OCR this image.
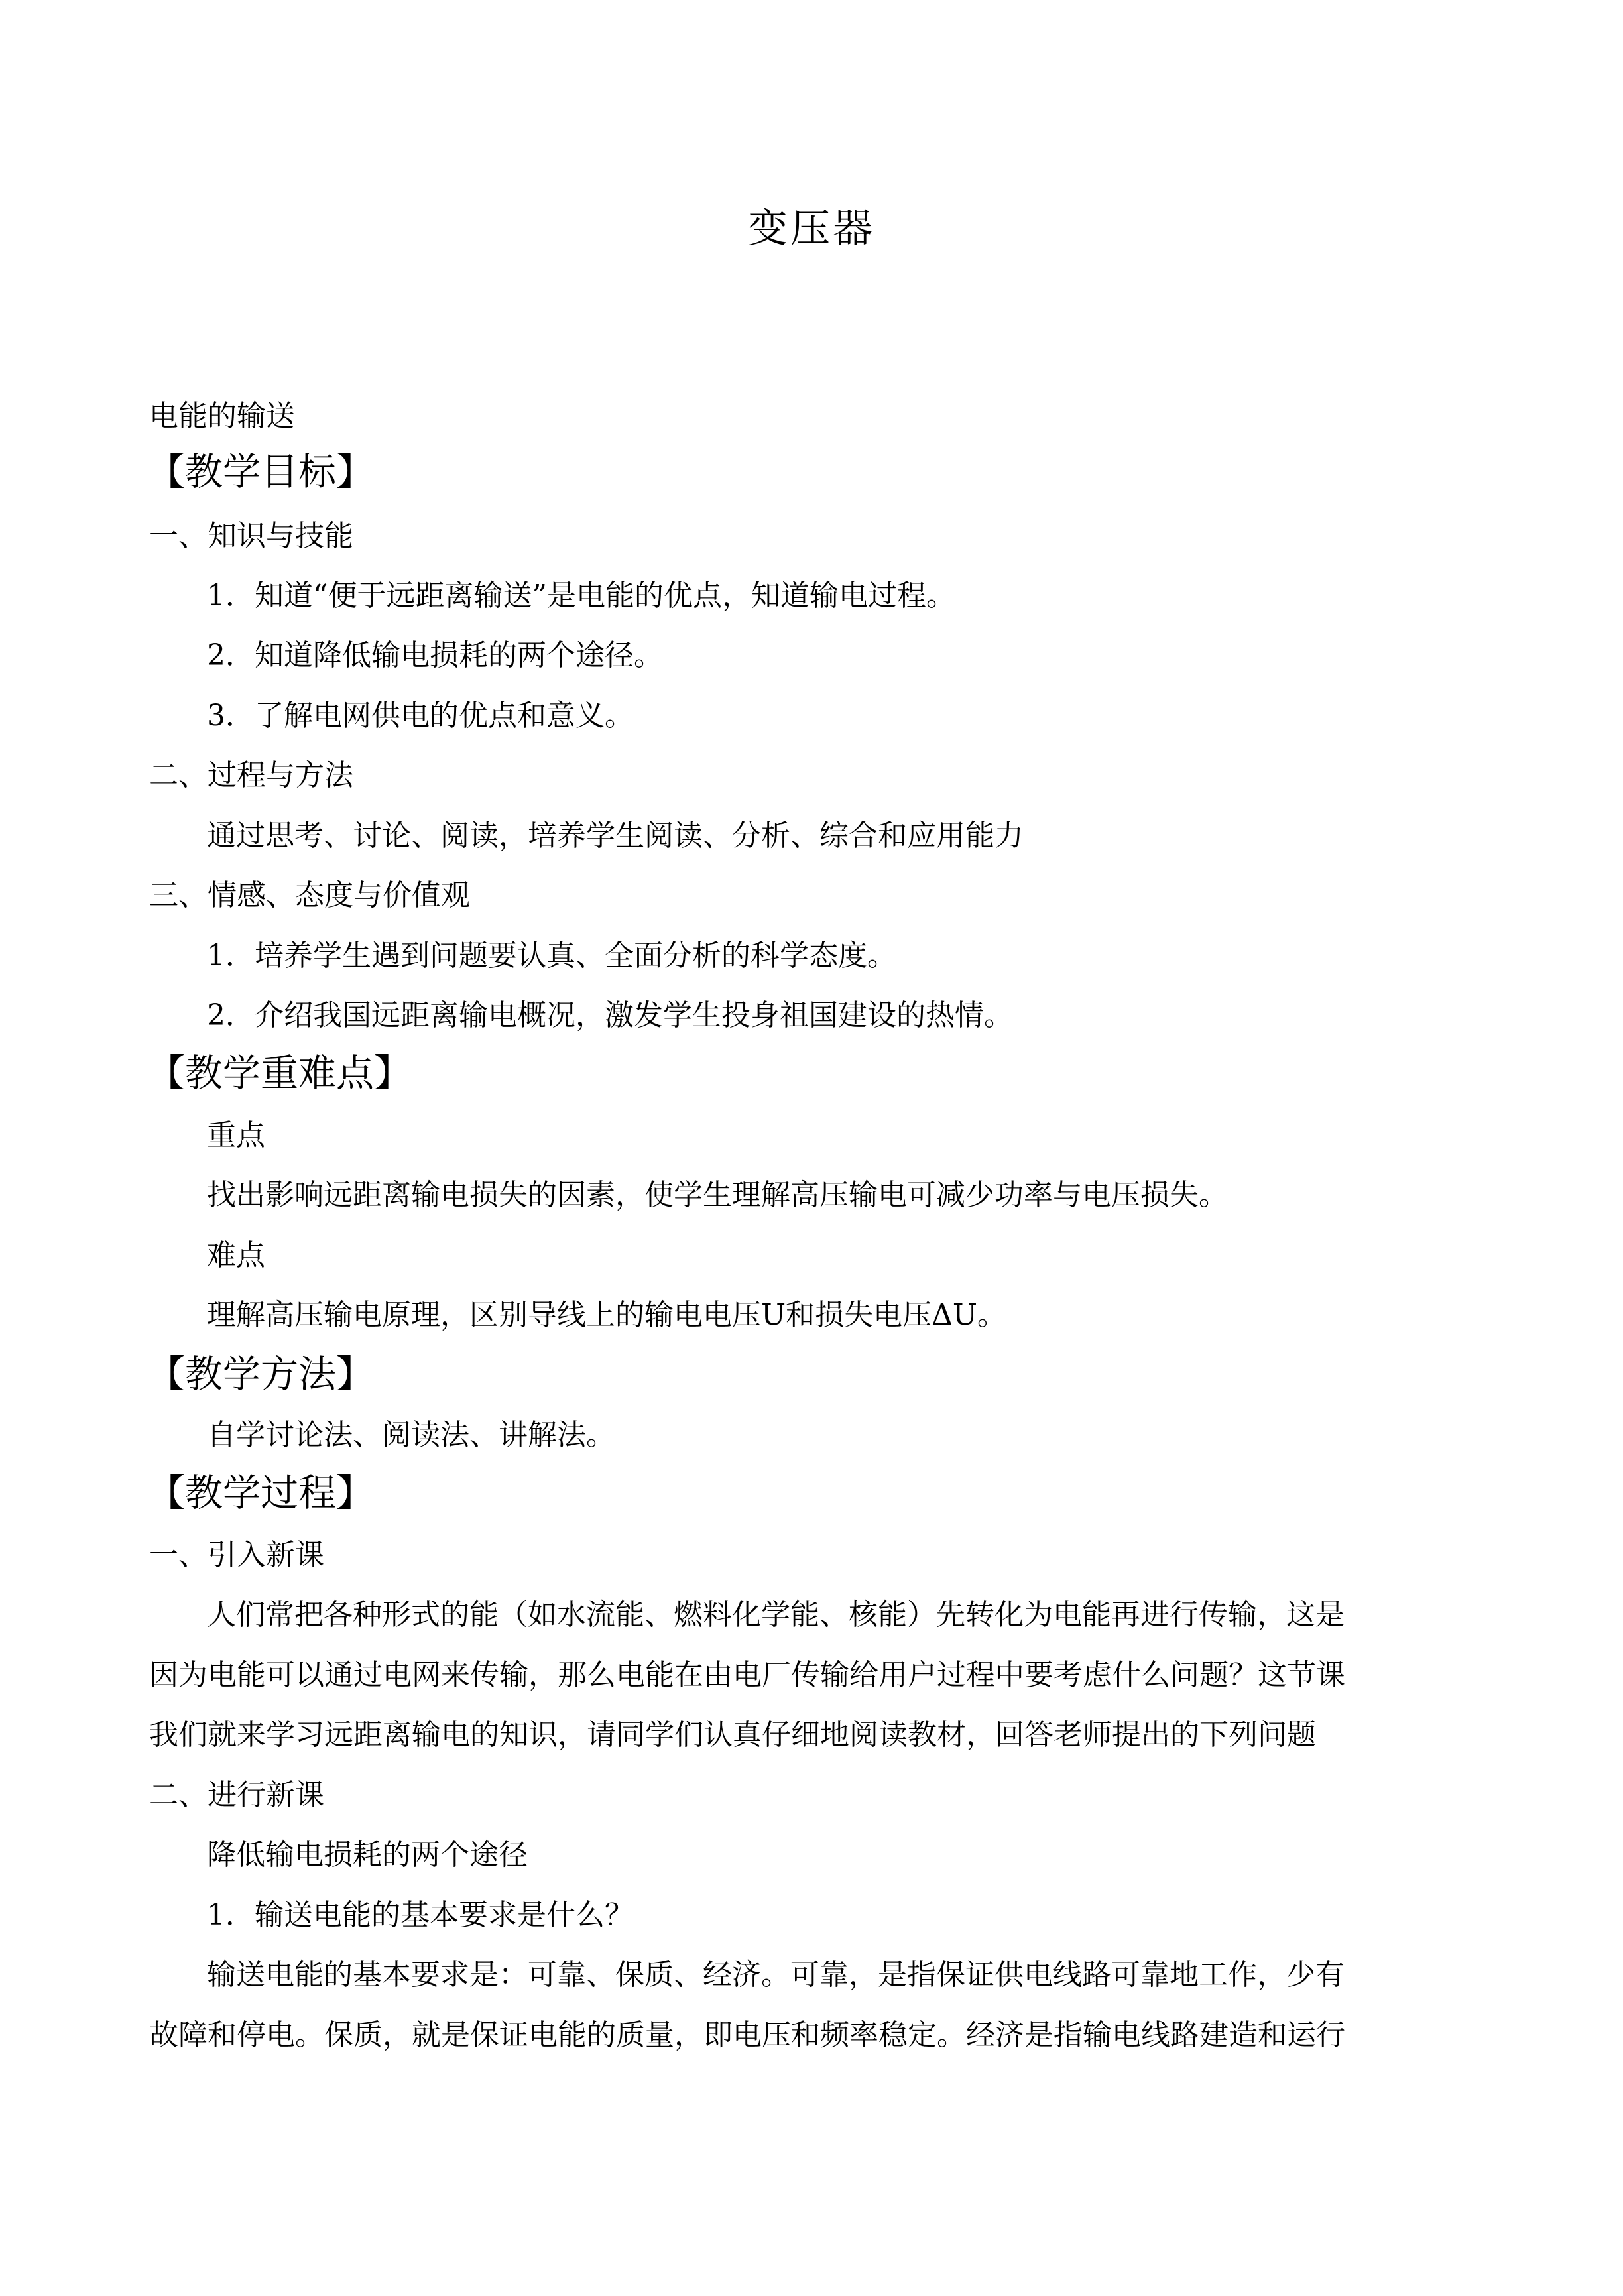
变压器
电能的输送
【教学目标】
一、知识与技能
1．知道“便于远距离输送”是电能的优点，知道输电过程。
2．知道降低输电损耗的两个途径。
3．了解电网供电的优点和意义。
二、过程与方法
通过思考、讨论、阅读，培养学生阅读、分析、综合和应用能力
三、情感、态度与价值观
1．培养学生遇到问题要认真、全面分析的科学态度。
2．介绍我国远距离输电概况，激发学生投身祖国建设的热情。
【教学重难点】
重点
找出影响远距离输电损失的因素，使学生理解高压输电可减少功率与电压损失。
难点
理解高压输电原理，区别导线上的输电电压U和损失电压ΔU。
【教学方法】
自学讨论法、阅读法、讲解法。
【教学过程】
一、引入新课
人们常把各种形式的能（如水流能、燃料化学能、核能）先转化为电能再进行传输，这是
因为电能可以通过电网来传输，那么电能在由电厂传输给用户过程中要考虑什么问题？这节课
我们就来学习远距离输电的知识，请同学们认真仔细地阅读教材，回答老师提出的下列问题
二、进行新课
降低输电损耗的两个途径
1．输送电能的基本要求是什么？
输送电能的基本要求是：可靠、保质、经济。可靠，是指保证供电线路可靠地工作，少有
故障和停电。保质，就是保证电能的质量，即电压和频率稳定。经济是指输电线路建造和运行
